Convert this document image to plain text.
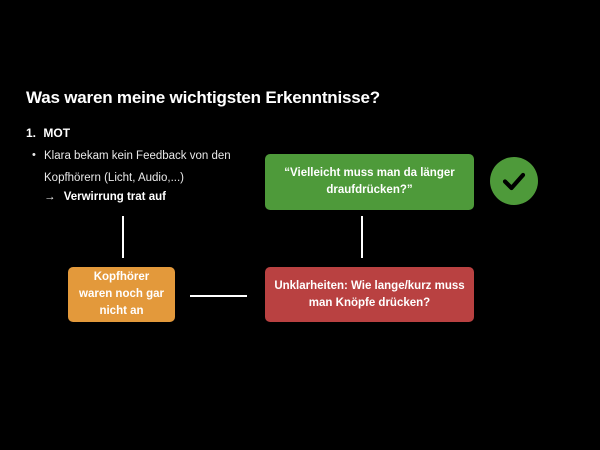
Was waren meine wichtigsten Erkenntnisse?
1. MOT
• Klara bekam kein Feedback von den
Kopfhörern (Licht, Audio,...)
→ Verwirrung trat auf
“Vielleicht muss man da länger draufdrücken?”
Kopfhörer waren noch gar nicht an
Unklarheiten: Wie lange/kurz muss man Knöpfe drücken?
